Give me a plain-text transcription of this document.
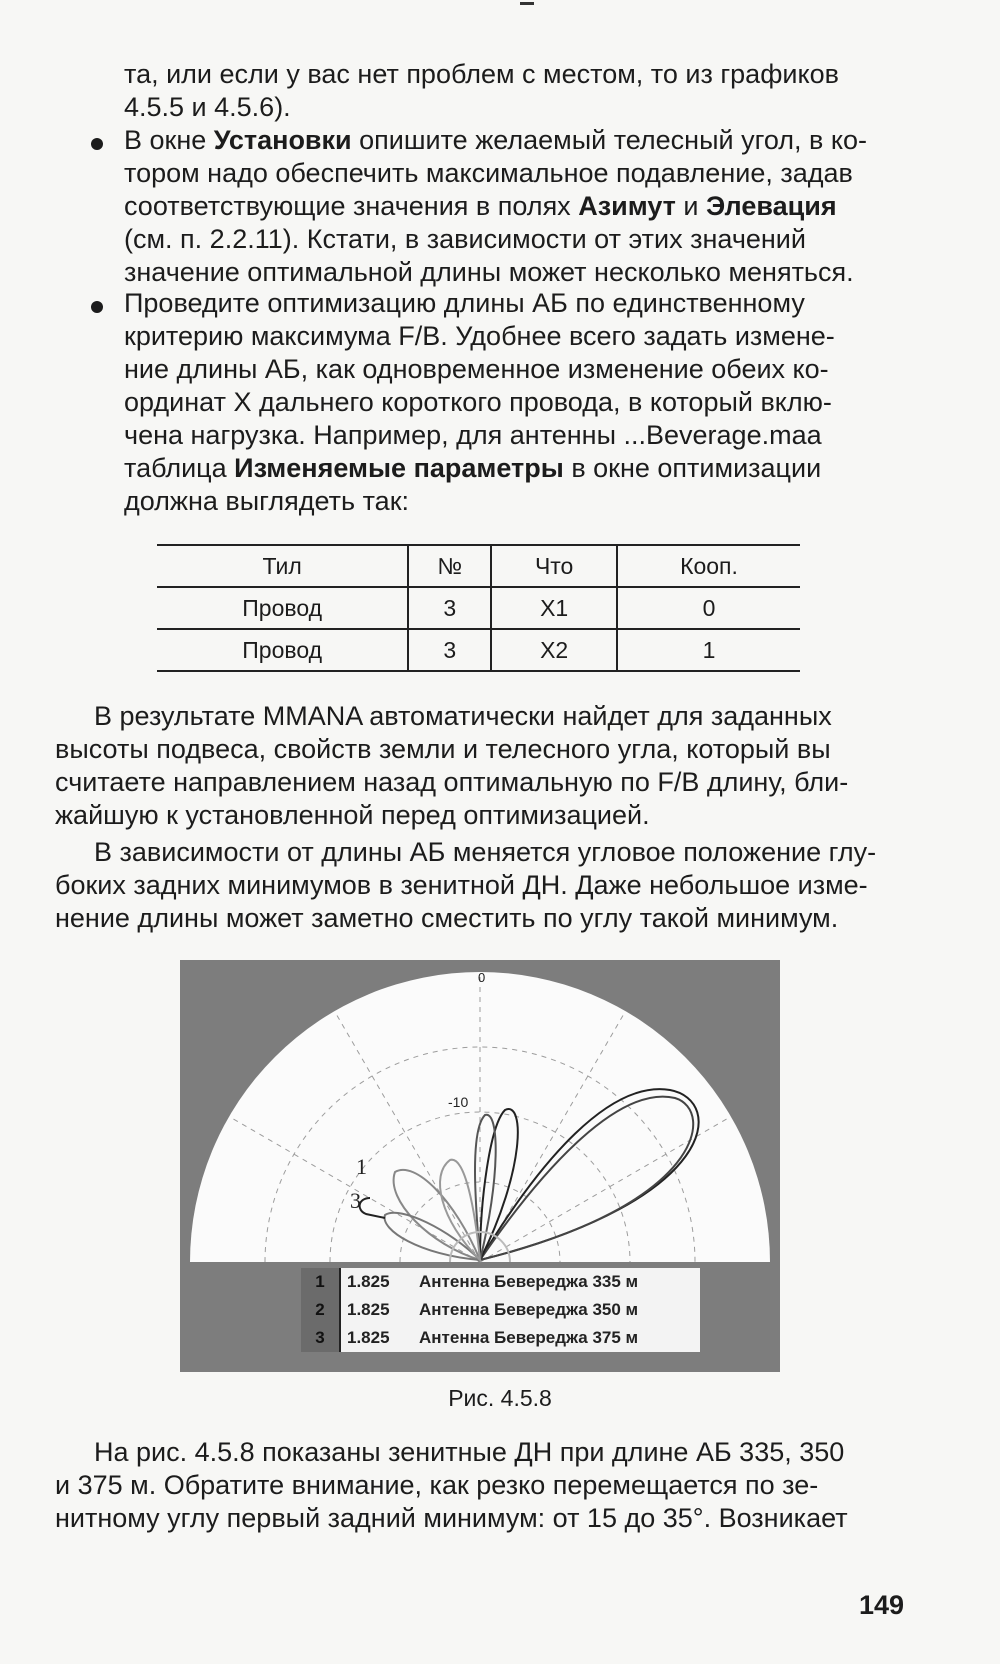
та, или если у вас нет проблем с местом, то из графиков
4.5.5 и 4.5.6).

В окне Установки опишите желаемый телесный угол, в ко-
тором надо обеспечить максимальное подавление, задав
соответствующие значения в полях Азимут и Элевация
(см. п. 2.2.11). Кстати, в зависимости от этих значений
значение оптимальной длины может несколько меняться.

Проведите оптимизацию длины АБ по единственному
критерию максимума F/B. Удобнее всего задать измене-
ние длины АБ, как одновременное изменение обеих ко-
ординат X дальнего короткого провода, в который вклю-
чена нагрузка. Например, для антенны ...Beverage.maa
таблица Изменяемые параметры в окне оптимизации
должна выглядеть так:

Тил	№	Что	Кооп.
Провод	3	X1	0
Провод	3	X2	1

В результате MMANA автоматически найдет для заданных
высоты подвеса, свойств земли и телесного угла, который вы
считаете направлением назад оптимальную по F/B длину, бли-
жайшую к установленной перед оптимизацией.

В зависимости от длины АБ меняется угловое положение глу-
боких задних минимумов в зенитной ДН. Даже небольшое изме-
нение длины может заметно сместить по углу такой минимум.

0
-10
1
3
1	1.825	Антенна Бевереджа 335 м
2	1.825	Антенна Бевереджа 350 м
3	1.825	Антенна Бевереджа 375 м
Рис. 4.5.8

На рис. 4.5.8 показаны зенитные ДН при длине АБ 335, 350
и 375 м. Обратите внимание, как резко перемещается по зе-
нитному углу первый задний минимум: от 15 до 35°. Возникает

149
